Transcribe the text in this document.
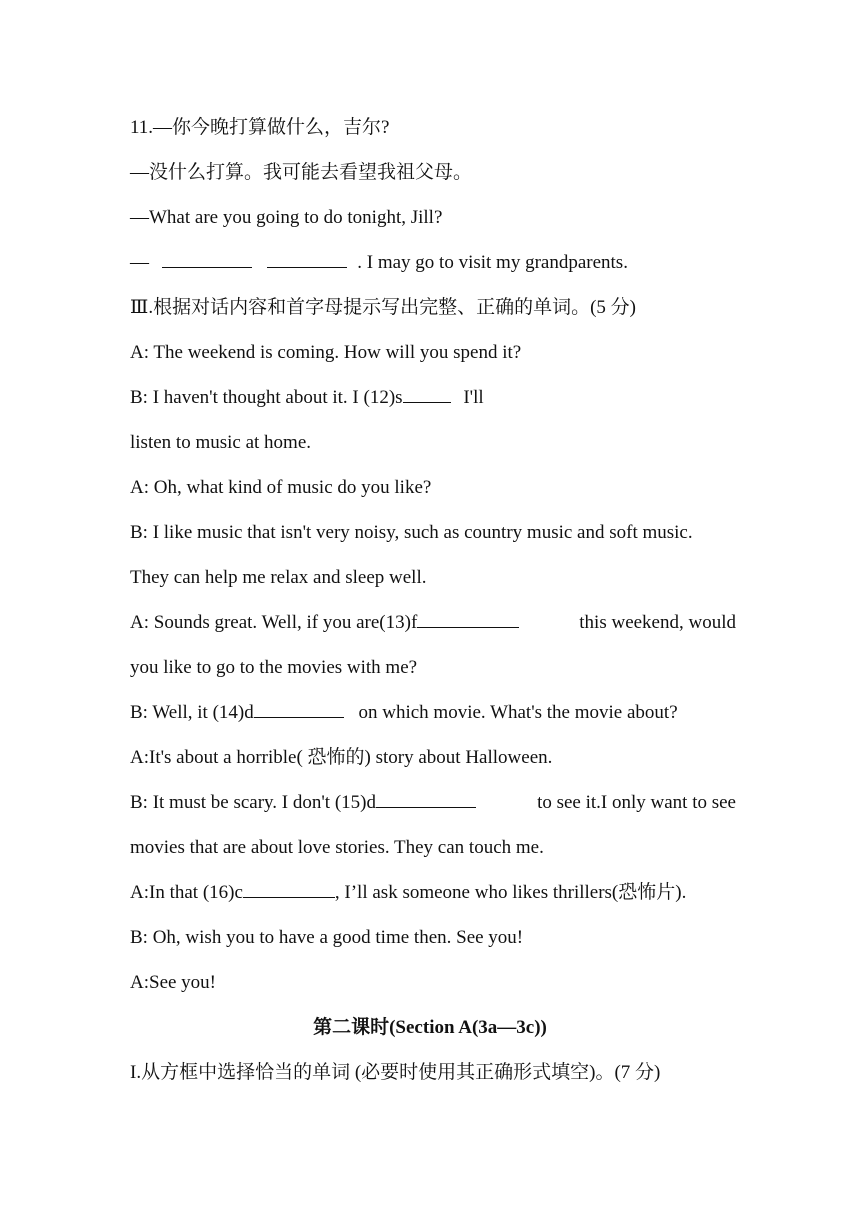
11.—你今晚打算做什么，吉尔?
—没什么打算。我可能去看望我祖父母。
—What are you going to do tonight, Jill?
—	. I may go to visit my grandparents.
Ⅲ.根据对话内容和首字母提示写出完整、正确的单词。(5 分)
A: The weekend is coming. How will you spend it?
B: I haven't thought about it. I (12)s	I'll
listen to music at home.
A: Oh, what kind of music do you like?
B: I like music that isn't very noisy, such as country music and soft music.
They can help me relax and sleep well.
A: Sounds great. Well, if you are(13)f	this weekend, would
you like to go to the movies with me?
B: Well, it (14)d	on which movie. What's the movie about?
A:It's about a horrible( 恐怖的) story about Halloween.
B: It must be scary. I don't (15)d	to see it.I only want to see
movies that are about love stories. They can touch me.
A:In that (16)c	, I’ll ask someone who likes thrillers(恐怖片).
B: Oh, wish you to have a good time then. See you!
A:See you!
第二课时(Section A(3a—3c))
I.从方框中选择恰当的单词 (必要时使用其正确形式填空)。(7 分)
